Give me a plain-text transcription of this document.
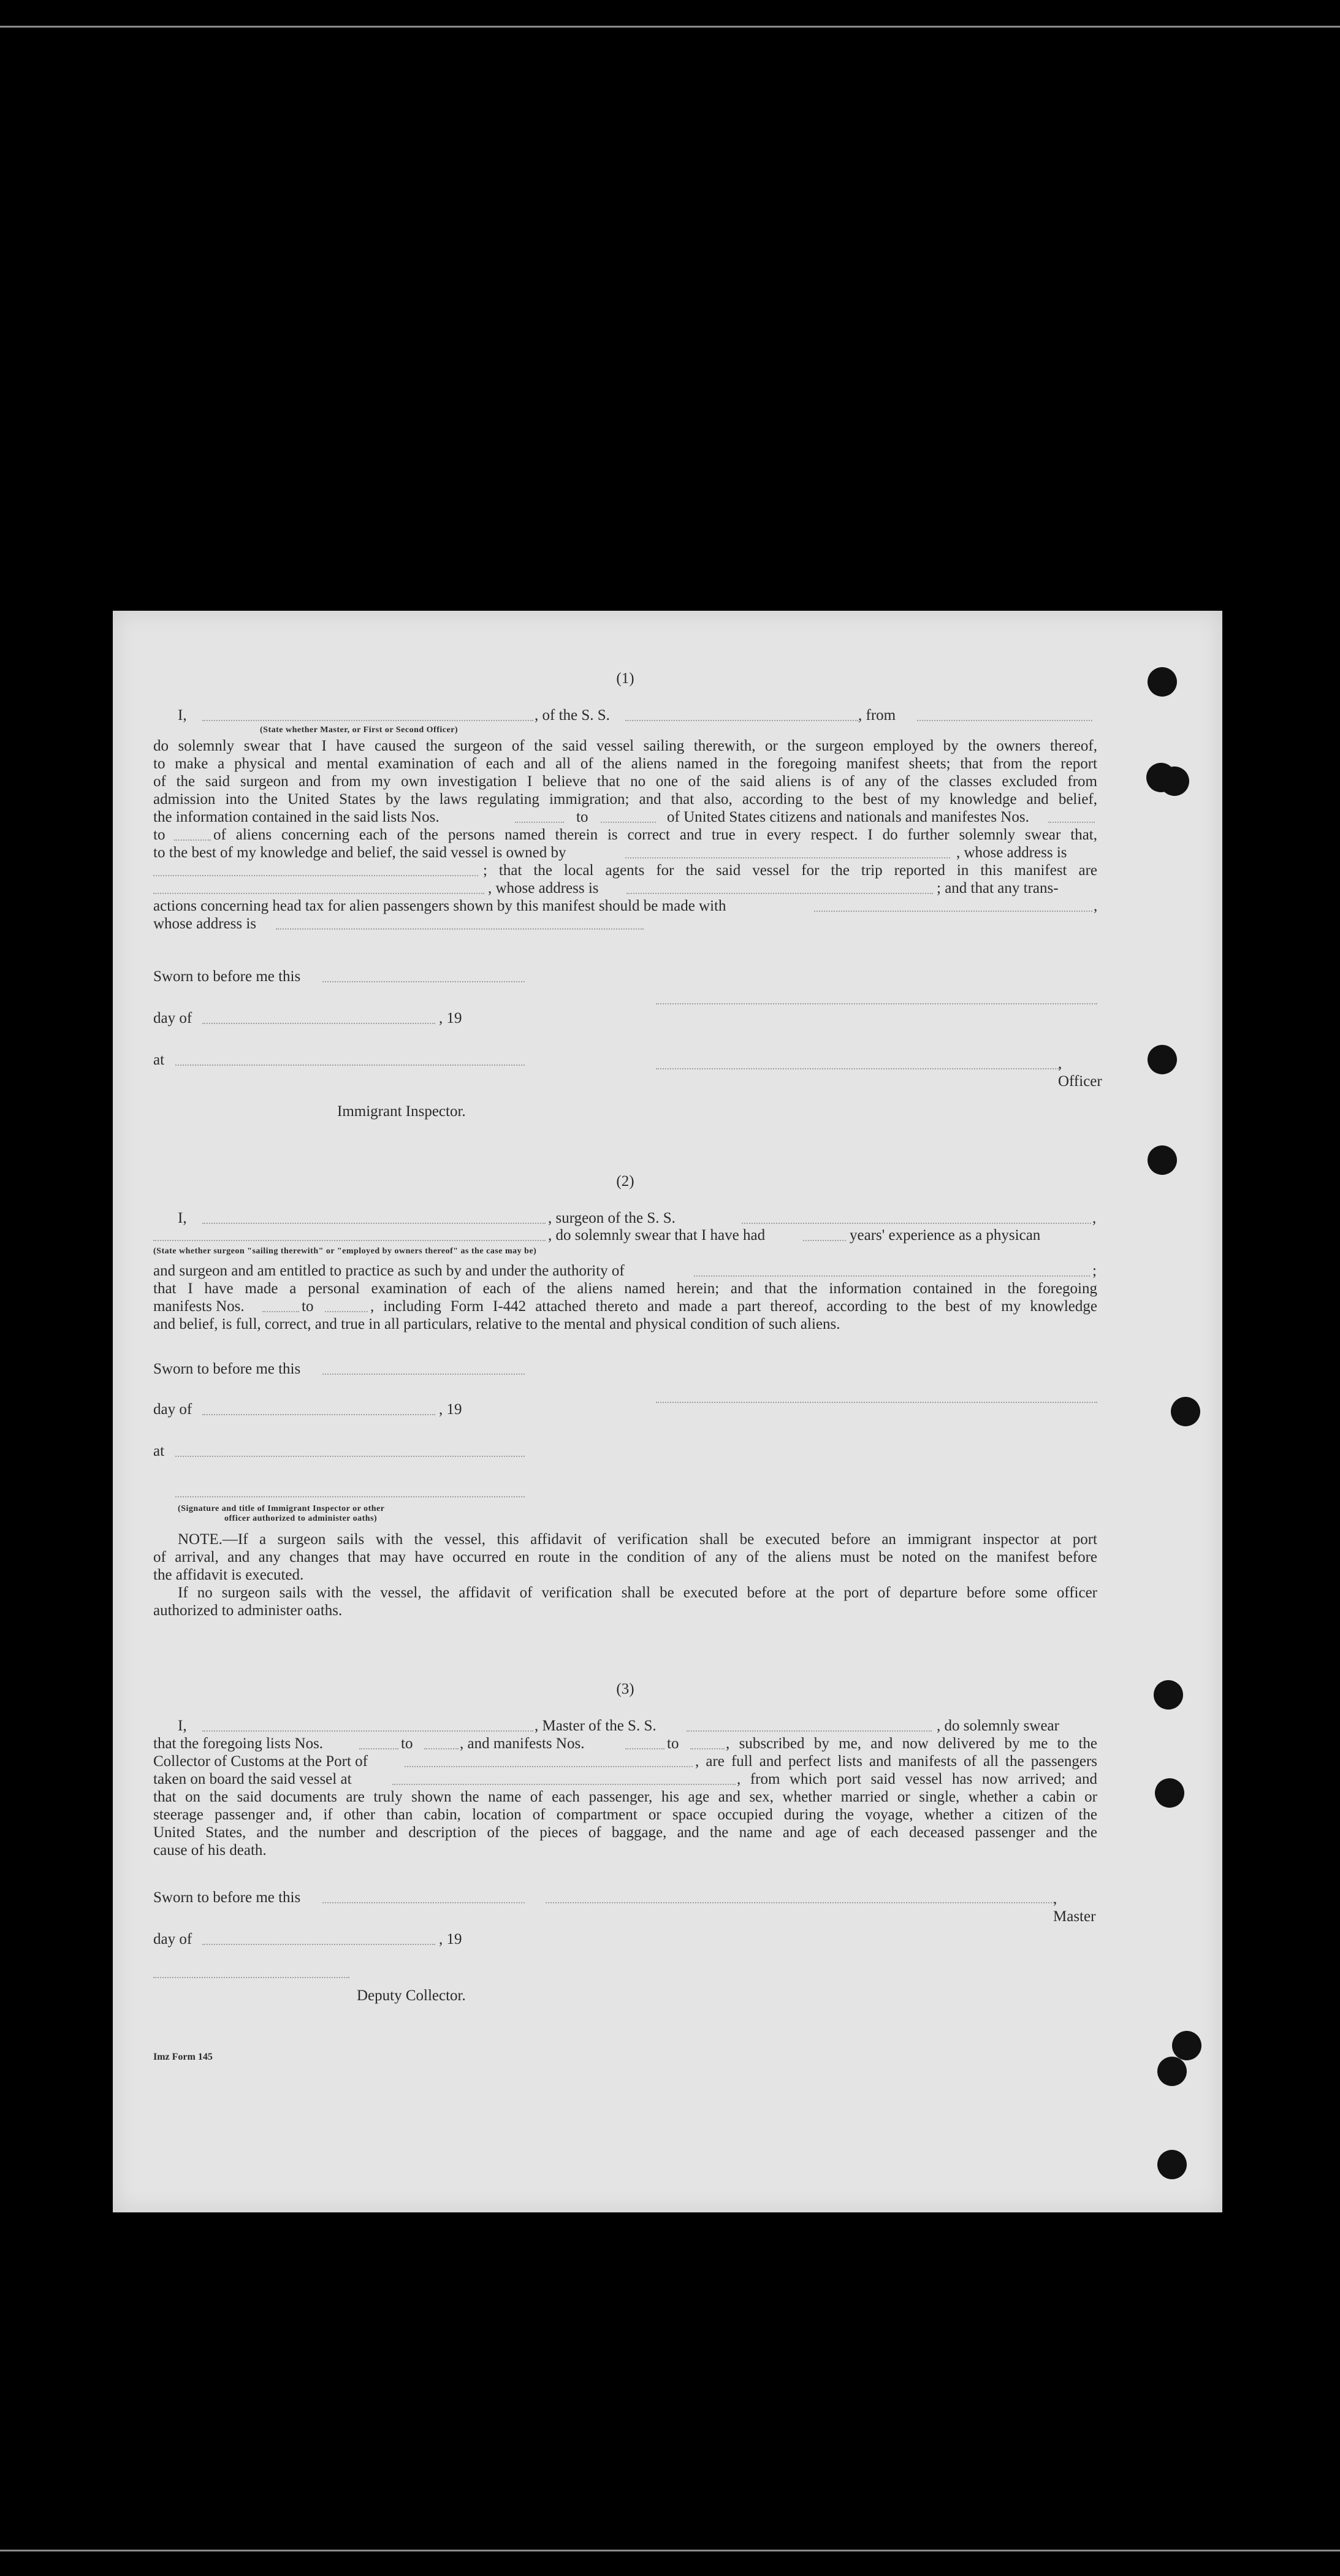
(1)
I,	, of the S. S.	, from
(State whether Master, or First or Second Officer)
do solemnly swear that I have caused the surgeon of the said vessel sailing therewith, or the surgeon employed by the owners thereof,
to make a physical and mental examination of each and all of the aliens named in the foregoing manifest sheets; that from the report
of the said surgeon and from my own investigation I believe that no one of the said aliens is of any of the classes excluded from
admission into the United States by the laws regulating immigration; and that also, according to the best of my knowledge and belief,
the information contained in the said lists Nos.	to	of United States citizens and nationals and manifestes Nos.
to	of aliens concerning each of the persons named therein is correct and true in every respect. I do further solemnly swear that,
to the best of my knowledge and belief, the said vessel is owned by	, whose address is
; that the local agents for the said vessel for the trip reported in this manifest are
, whose address is	; and that any trans-
actions concerning head tax for alien passengers shown by this manifest should be made with	,
whose address is
Sworn to before me this
day of	, 19
at	, Officer
Immigrant Inspector.
(2)
I,	, surgeon of the S. S.	,
, do solemnly swear that I have had	years' experience as a physican
(State whether surgeon "sailing therewith" or "employed by owners thereof" as the case may be)
and surgeon and am entitled to practice as such by and under the authority of	;
that I have made a personal examination of each of the aliens named herein; and that the information contained in the foregoing
manifests Nos.	to	, including Form I-442 attached thereto and made a part thereof, according to the best of my knowledge
and belief, is full, correct, and true in all particulars, relative to the mental and physical condition of such aliens.
Sworn to before me this
day of	, 19
at
(Signature and title of Immigrant Inspector or other
officer authorized to administer oaths)
NOTE.—If a surgeon sails with the vessel, this affidavit of verification shall be executed before an immigrant inspector at port
of arrival, and any changes that may have occurred en route in the condition of any of the aliens must be noted on the manifest before
the affidavit is executed.
If no surgeon sails with the vessel, the affidavit of verification shall be executed before at the port of departure before some officer
authorized to administer oaths.
(3)
I,	, Master of the S. S.	, do solemnly swear
that the foregoing lists Nos.	to	, and manifests Nos.	to	, subscribed by me, and now delivered by me to the
Collector of Customs at the Port of	, are full and perfect lists and manifests of all the passengers
taken on board the said vessel at	, from which port said vessel has now arrived; and
that on the said documents are truly shown the name of each passenger, his age and sex, whether married or single, whether a cabin or
steerage passenger and, if other than cabin, location of compartment or space occupied during the voyage, whether a citizen of the
United States, and the number and description of the pieces of baggage, and the name and age of each deceased passenger and the
cause of his death.
Sworn to before me this	, Master
day of	, 19
Deputy Collector.
Imz Form 145
